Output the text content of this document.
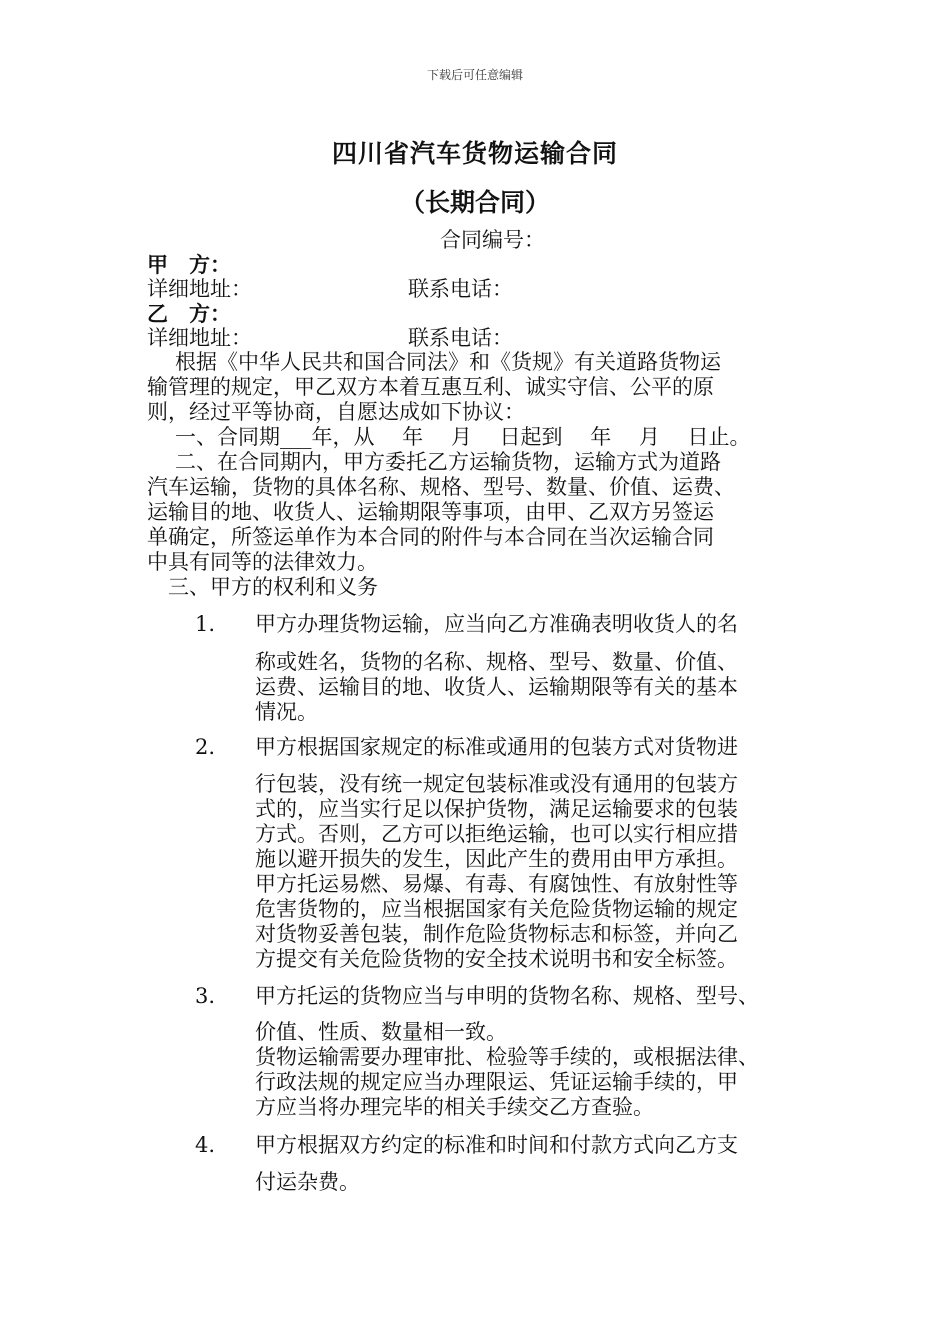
下载后可任意编辑
四川省汽车货物运输合同
（长期合同）
合同编号：
甲　方：
详细地址：	联系电话：
乙　方：
详细地址：	联系电话：
根据《中华人民共和国合同法》和《货规》有关道路货物运
输管理的规定，甲乙双方本着互惠互利、诚实守信、公平的原
则，经过平等协商，自愿达成如下协议：
一、合同期___年，从　 年　 月　 日起到　 年　 月　 日止。
二、在合同期内，甲方委托乙方运输货物，运输方式为道路
汽车运输，货物的具体名称、规格、型号、数量、价值、运费、
运输目的地、收货人、运输期限等事项，由甲、乙双方另签运
单确定，所签运单作为本合同的附件与本合同在当次运输合同
中具有同等的法律效力。
三、甲方的权利和义务
1. 甲方办理货物运输，应当向乙方准确表明收货人的名
称或姓名，货物的名称、规格、型号、数量、价值、
运费、运输目的地、收货人、运输期限等有关的基本
情况。
2. 甲方根据国家规定的标准或通用的包装方式对货物进
行包装，没有统一规定包装标准或没有通用的包装方
式的，应当实行足以保护货物，满足运输要求的包装
方式。否则，乙方可以拒绝运输，也可以实行相应措
施以避开损失的发生，因此产生的费用由甲方承担。
甲方托运易燃、易爆、有毒、有腐蚀性、有放射性等
危害货物的，应当根据国家有关危险货物运输的规定
对货物妥善包装，制作危险货物标志和标签，并向乙
方提交有关危险货物的安全技术说明书和安全标签。
3. 甲方托运的货物应当与申明的货物名称、规格、型号、
价值、性质、数量相一致。
货物运输需要办理审批、检验等手续的，或根据法律、
行政法规的规定应当办理限运、凭证运输手续的，甲
方应当将办理完毕的相关手续交乙方查验。
4. 甲方根据双方约定的标准和时间和付款方式向乙方支
付运杂费。
